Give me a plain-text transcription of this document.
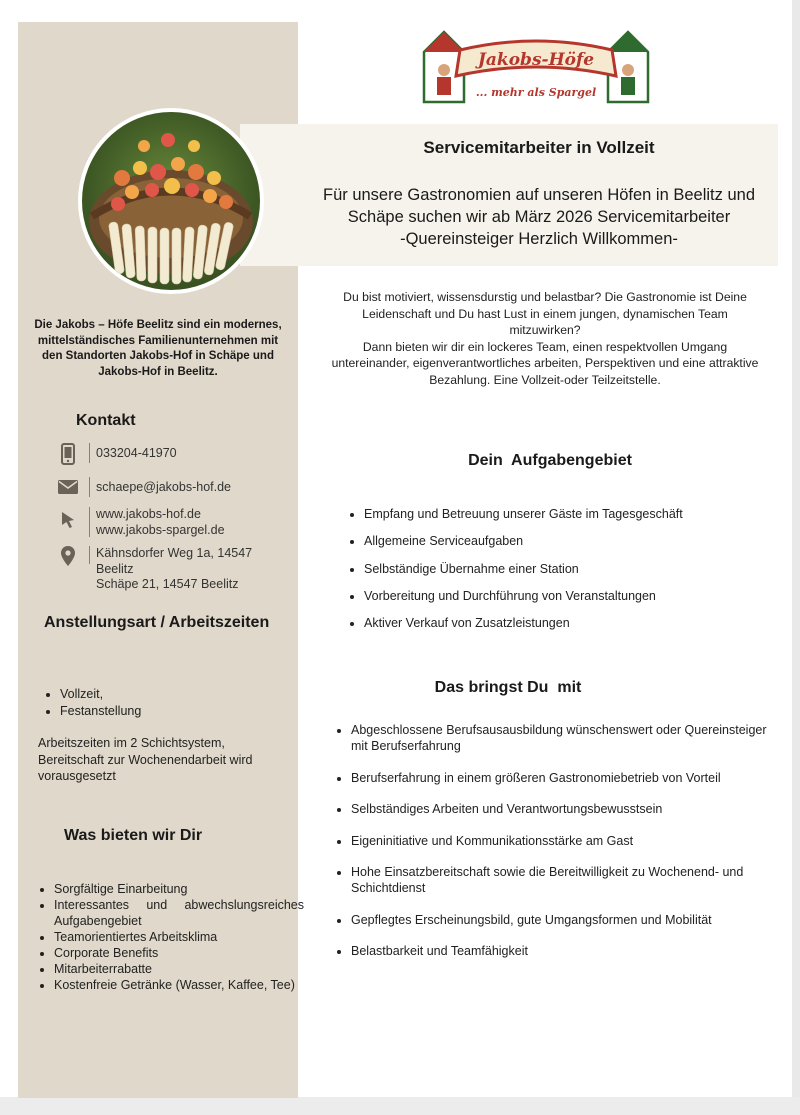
Jakobs-Höfe
... mehr als Spargel
Servicemitarbeiter in Vollzeit
Für unsere Gastronomien auf unseren Höfen in Beelitz und
Schäpe suchen wir ab März 2026 Servicemitarbeiter
-Quereinsteiger Herzlich Willkommen-
Die Jakobs – Höfe Beelitz sind ein modernes, mittelständisches Familienunternehmen mit den Standorten Jakobs-Hof in Schäpe und Jakobs-Hof in Beelitz.
Kontakt
033204-41970
schaepe@jakobs-hof.de
www.jakobs-hof.de
www.jakobs-spargel.de
Kähnsdorfer Weg 1a, 14547
Beelitz
Schäpe 21, 14547 Beelitz
Anstellungsart / Arbeitszeiten
• Vollzeit,
• Festanstellung
Arbeitszeiten im 2 Schichtsystem, Bereitschaft zur Wochenendarbeit wird vorausgesetzt
Was bieten wir Dir
• Sorgfältige Einarbeitung
• Interessantes und abwechslungsreiches Aufgabengebiet
• Teamorientiertes Arbeitsklima
• Corporate Benefits
• Mitarbeiterrabatte
• Kostenfreie Getränke (Wasser, Kaffee, Tee)
Du bist motiviert, wissensdurstig und belastbar? Die Gastronomie ist Deine Leidenschaft und Du hast Lust in einem jungen, dynamischen Team mitzuwirken?
Dann bieten wir dir ein lockeres Team, einen respektvollen Umgang untereinander, eigenverantwortliches arbeiten, Perspektiven und eine attraktive Bezahlung. Eine Vollzeit-oder Teilzeitstelle.
Dein  Aufgabengebiet
• Empfang und Betreuung unserer Gäste im Tagesgeschäft
• Allgemeine Serviceaufgaben
• Selbständige Übernahme einer Station
• Vorbereitung und Durchführung von Veranstaltungen
• Aktiver Verkauf von Zusatzleistungen
Das bringst Du  mit
• Abgeschlossene Berufsausausbildung wünschenswert oder Quereinsteiger mit Berufserfahrung
• Berufserfahrung in einem größeren Gastronomiebetrieb von Vorteil
• Selbständiges Arbeiten und Verantwortungsbewusstsein
• Eigeninitiative und Kommunikationsstärke am Gast
• Hohe Einsatzbereitschaft sowie die Bereitwilligkeit zu Wochenend- und Schichtdienst
• Gepflegtes Erscheinungsbild, gute Umgangsformen und Mobilität
• Belastbarkeit und Teamfähigkeit
